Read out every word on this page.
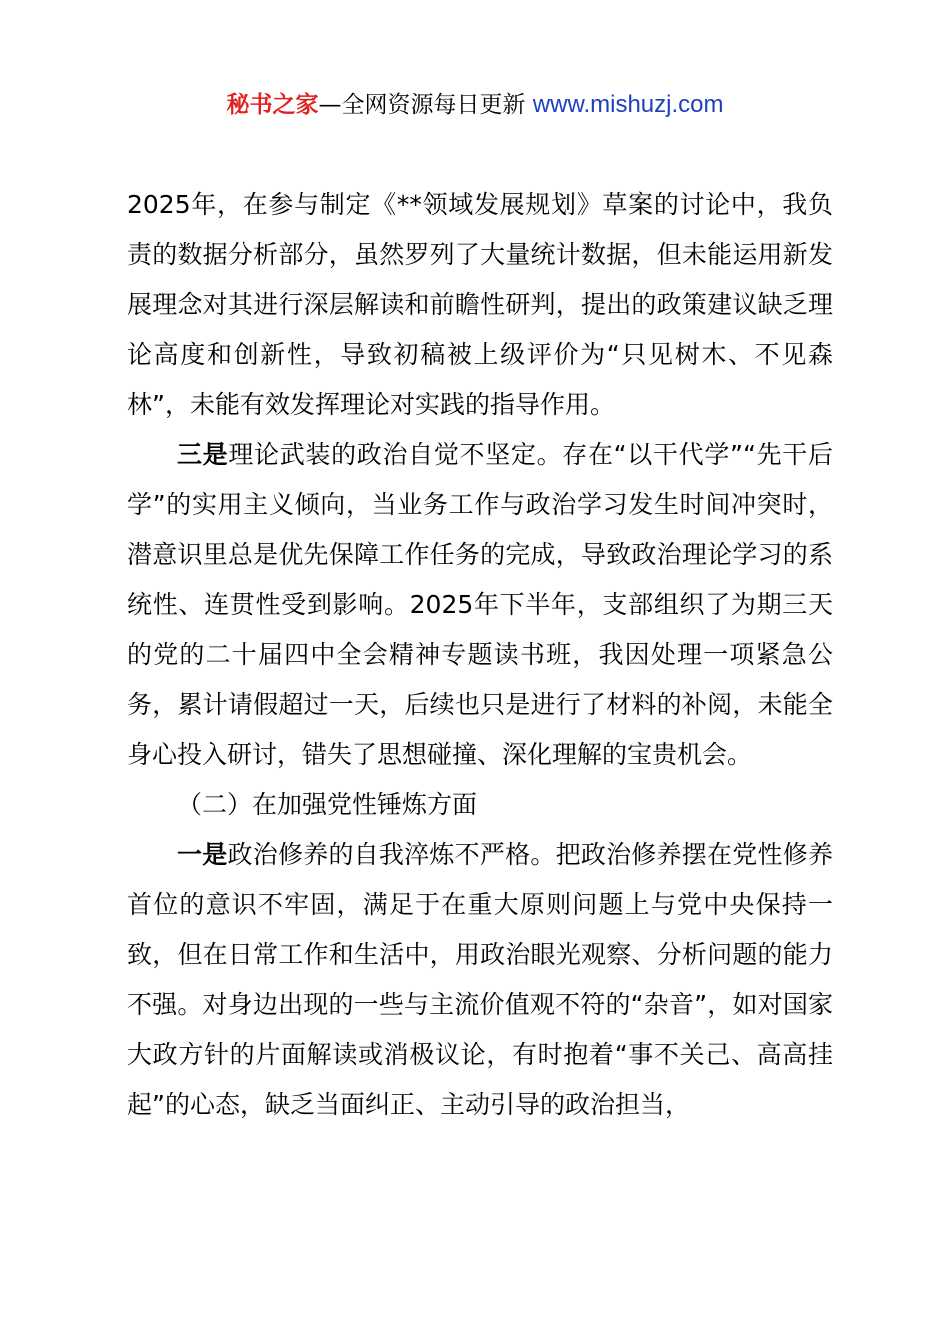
秘书之家—全网资源每日更新 www.mishuzj.com

2025年，在参与制定《**领域发展规划》草案的讨论中，我负责的数据分析部分，虽然罗列了大量统计数据，但未能运用新发展理念对其进行深层解读和前瞻性研判，提出的政策建议缺乏理论高度和创新性，导致初稿被上级评价为“只见树木、不见森林”，未能有效发挥理论对实践的指导作用。

三是理论武装的政治自觉不坚定。存在“以干代学”“先干后学”的实用主义倾向，当业务工作与政治学习发生时间冲突时，潜意识里总是优先保障工作任务的完成，导致政治理论学习的系统性、连贯性受到影响。2025年下半年，支部组织了为期三天的党的二十届四中全会精神专题读书班，我因处理一项紧急公务，累计请假超过一天，后续也只是进行了材料的补阅，未能全身心投入研讨，错失了思想碰撞、深化理解的宝贵机会。

（二）在加强党性锤炼方面

一是政治修养的自我淬炼不严格。把政治修养摆在党性修养首位的意识不牢固，满足于在重大原则问题上与党中央保持一致，但在日常工作和生活中，用政治眼光观察、分析问题的能力不强。对身边出现的一些与主流价值观不符的“杂音”，如对国家大政方针的片面解读或消极议论，有时抱着“事不关己、高高挂起”的心态，缺乏当面纠正、主动引导的政治担当，
